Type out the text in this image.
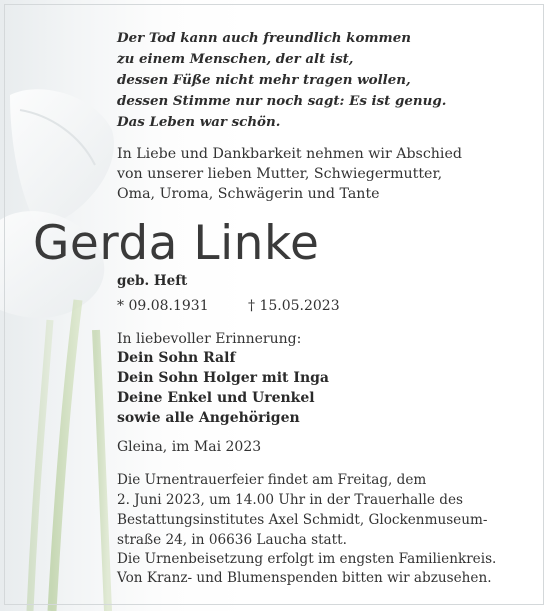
Der Tod kann auch freundlich kommen
zu einem Menschen, der alt ist,
dessen Füße nicht mehr tragen wollen,
dessen Stimme nur noch sagt: Es ist genug.
Das Leben war schön.
In Liebe und Dankbarkeit nehmen wir Abschied
von unserer lieben Mutter, Schwiegermutter,
Oma, Uroma, Schwägerin und Tante
Gerda Linke
geb. Heft
* 09.08.1931	† 15.05.2023
In liebevoller Erinnerung:
Dein Sohn Ralf
Dein Sohn Holger mit Inga
Deine Enkel und Urenkel
sowie alle Angehörigen
Gleina, im Mai 2023
Die Urnentrauerfeier findet am Freitag, dem
2. Juni 2023, um 14.00 Uhr in der Trauerhalle des
Bestattungsinstitutes Axel Schmidt, Glockenmuseum-
straße 24, in 06636 Laucha statt.
Die Urnenbeisetzung erfolgt im engsten Familienkreis.
Von Kranz- und Blumenspenden bitten wir abzusehen.
